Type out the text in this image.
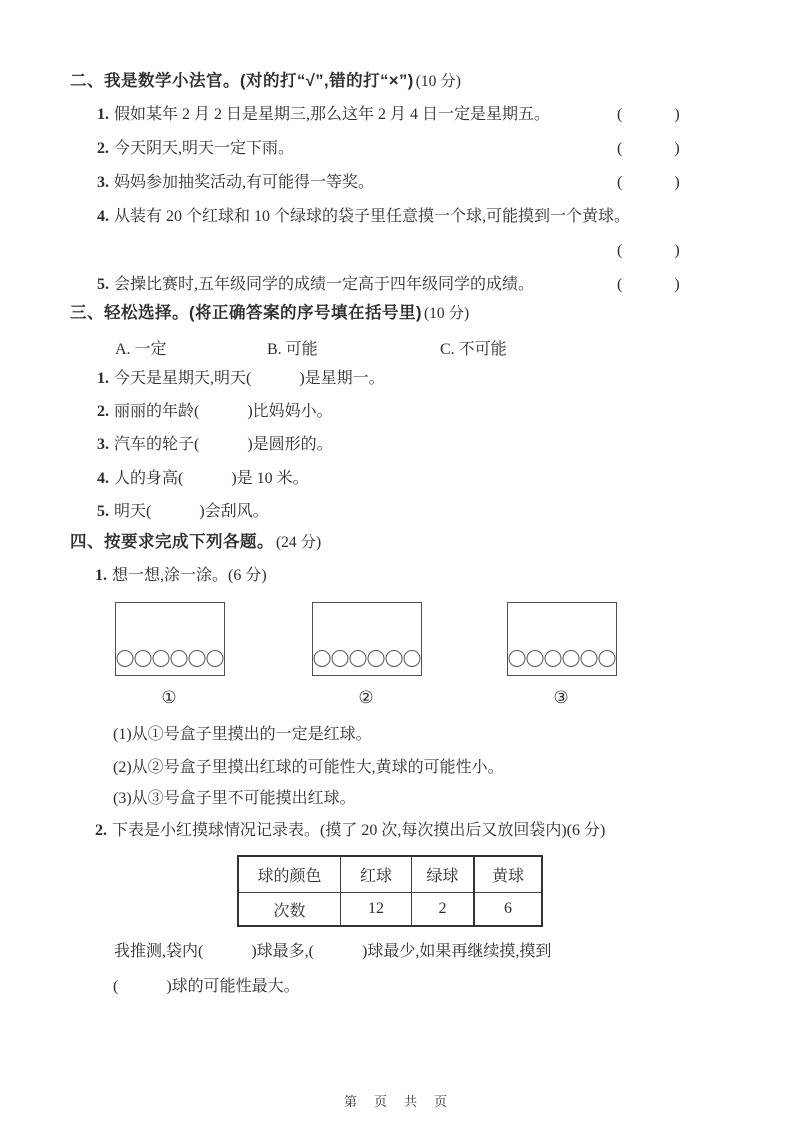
二、我是数学小法官。(对的打“√”,错的打“×”) (10 分)
1. 假如某年 2 月 2 日是星期三,那么这年 2 月 4 日一定是星期五。	(　　　)
2. 今天阴天,明天一定下雨。	(　　　)
3. 妈妈参加抽奖活动,有可能得一等奖。	(　　　)
4. 从装有 20 个红球和 10 个绿球的袋子里任意摸一个球,可能摸到一个黄球。
(　　　)
5. 会操比赛时,五年级同学的成绩一定高于四年级同学的成绩。	(　　　)
三、轻松选择。(将正确答案的序号填在括号里) (10 分)
A. 一定	B. 可能	C. 不可能
1. 今天是星期天,明天(　　　)是星期一。
2. 丽丽的年龄(　　　)比妈妈小。
3. 汽车的轮子(　　　)是圆形的。
4. 人的身高(　　　)是 10 米。
5. 明天(　　　)会刮风。
四、按要求完成下列各题。 (24 分)
1. 想一想,涂一涂。(6 分)
①	②	③
(1)从①号盒子里摸出的一定是红球。
(2)从②号盒子里摸出红球的可能性大,黄球的可能性小。
(3)从③号盒子里不可能摸出红球。
2. 下表是小红摸球情况记录表。(摸了 20 次,每次摸出后又放回袋内)(6 分)
球的颜色	红球	绿球	黄球
次数	12	2	6
我推测,袋内(　　　)球最多,(　　　)球最少,如果再继续摸,摸到
(　　　)球的可能性最大。
第　页　共　页
